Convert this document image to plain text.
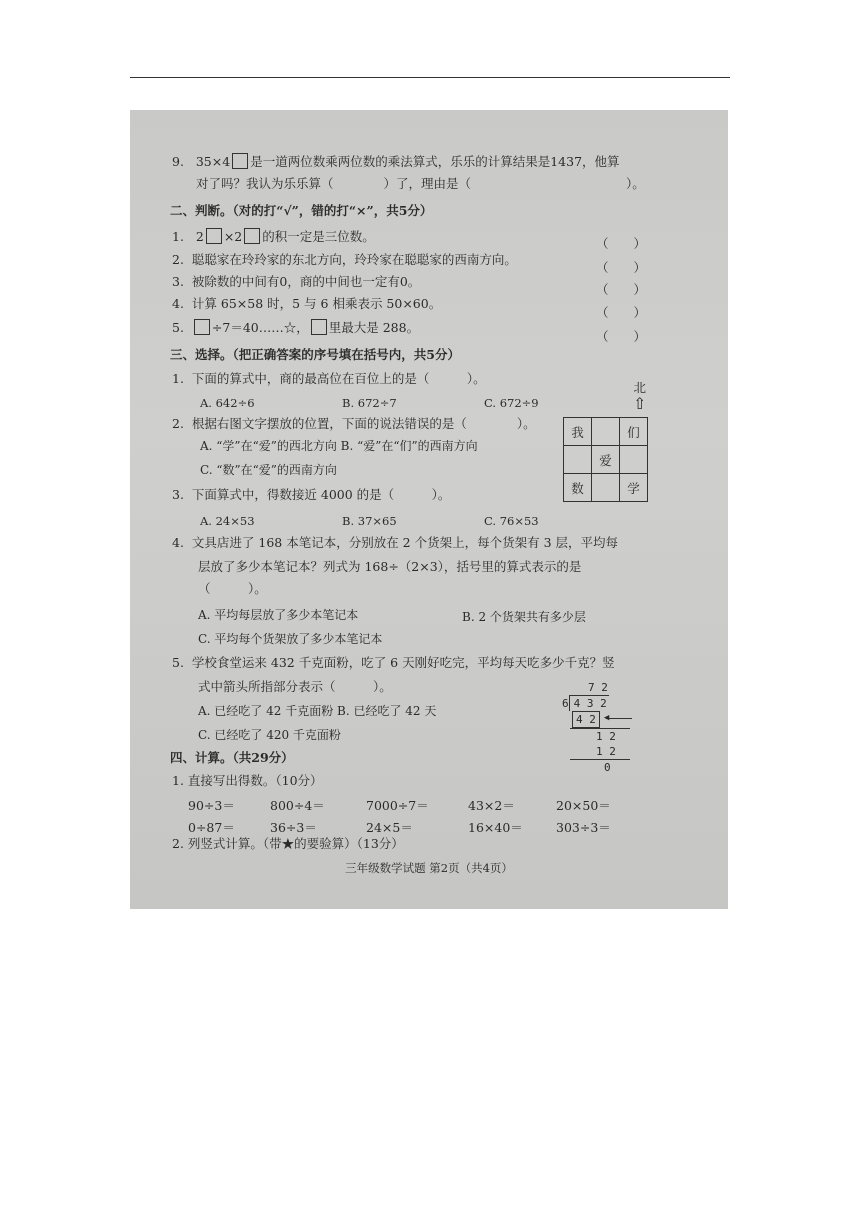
9. 35×4 是一道两位数乘两位数的乘法算式，乐乐的计算结果是1437，他算
对了吗？我认为乐乐算（　　　　）了，理由是（	）。
二、判断。（对的打“√”，错的打“×”，共5分）
1. 2 ×2 的积一定是三位数。	（　　）
2. 聪聪家在玲玲家的东北方向，玲玲家在聪聪家的西南方向。
（　　）
3. 被除数的中间有0，商的中间也一定有0。
（　　）
4. 计算 65×58 时，5 与 6 相乘表示 50×60。
（　　）
5. ÷7＝40……☆， 里最大是 288。
（　　）
三、选择。（把正确答案的序号填在括号内，共5分）
1. 下面的算式中，商的最高位在百位上的是（　　　）。
A. 642÷6	B. 672÷7	C. 672÷9
2. 根据右图文字摆放的位置，下面的说法错误的是（　　　　）。
A. “学”在“爱”的西北方向 B. “爱”在“们”的西南方向
C. “数”在“爱”的西南方向
北
⇧
我		们
	爱	
数		学
3. 下面算式中，得数接近 4000 的是（　　　）。
A. 24×53	B. 37×65	C. 76×53
4. 文具店进了 168 本笔记本，分别放在 2 个货架上，每个货架有 3 层，平均每
层放了多少本笔记本？列式为 168÷（2×3），括号里的算式表示的是
（　　　）。
A. 平均每层放了多少本笔记本	B. 2 个货架共有多少层
C. 平均每个货架放了多少本笔记本
5. 学校食堂运来 432 千克面粉，吃了 6 天刚好吃完，平均每天吃多少千克？竖
式中箭头所指部分表示（　　　）。
A. 已经吃了 42 千克面粉 B. 已经吃了 42 天
C. 已经吃了 420 千克面粉
7 2
6 4 3 2
4 2 ◀
1 2
1 2
0
四、计算。（共29分）
1. 直接写出得数。（10分）
90÷3＝	800÷4＝	7000÷7＝	43×2＝	20×50＝
0÷87＝	36÷3＝	24×5＝	16×40＝	303÷3＝
2. 列竖式计算。（带★的要验算）（13分）
三年级数学试题 第2页（共4页）
